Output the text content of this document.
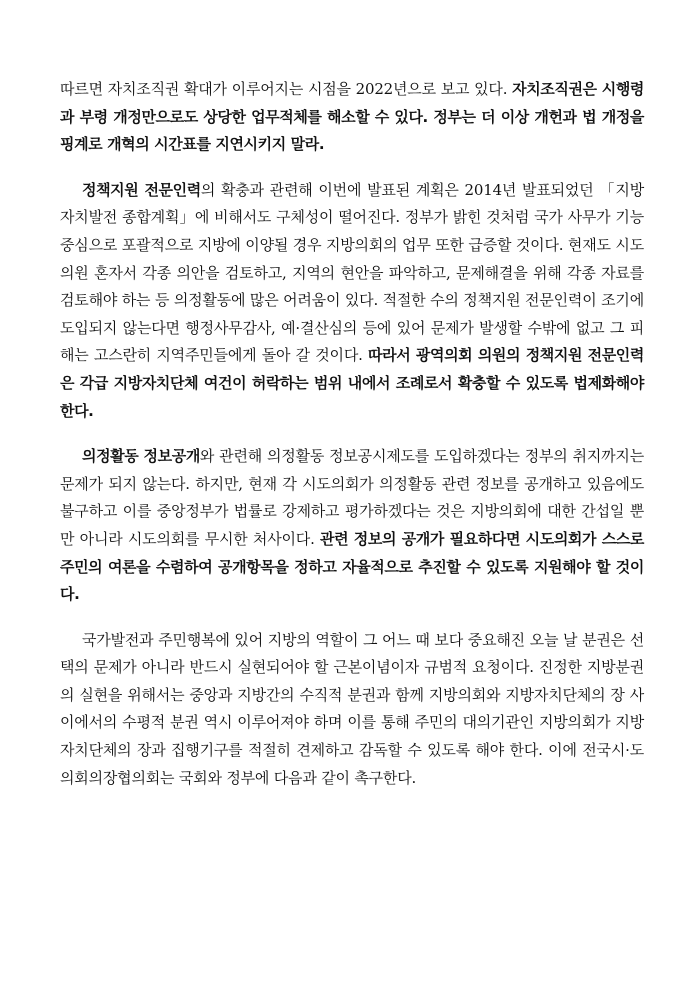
따르면 자치조직권 확대가 이루어지는 시점을 2022년으로 보고 있다. 자치조직권은 시행령과 부령 개정만으로도 상당한 업무적체를 해소할 수 있다. 정부는 더 이상 개헌과 법 개정을 핑계로 개혁의 시간표를 지연시키지 말라.

정책지원 전문인력의 확충과 관련해 이번에 발표된 계획은 2014년 발표되었던 「지방자치발전 종합계획」에 비해서도 구체성이 떨어진다. 정부가 밝힌 것처럼 국가 사무가 기능중심으로 포괄적으로 지방에 이양될 경우 지방의회의 업무 또한 급증할 것이다. 현재도 시도의원 혼자서 각종 의안을 검토하고, 지역의 현안을 파악하고, 문제해결을 위해 각종 자료를 검토해야 하는 등 의정활동에 많은 어려움이 있다. 적절한 수의 정책지원 전문인력이 조기에 도입되지 않는다면 행정사무감사, 예·결산심의 등에 있어 문제가 발생할 수밖에 없고 그 피해는 고스란히 지역주민들에게 돌아 갈 것이다. 따라서 광역의회 의원의 정책지원 전문인력은 각급 지방자치단체 여건이 허락하는 범위 내에서 조례로서 확충할 수 있도록 법제화해야 한다.

의정활동 정보공개와 관련해 의정활동 정보공시제도를 도입하겠다는 정부의 취지까지는 문제가 되지 않는다. 하지만, 현재 각 시도의회가 의정활동 관련 정보를 공개하고 있음에도 불구하고 이를 중앙정부가 법률로 강제하고 평가하겠다는 것은 지방의회에 대한 간섭일 뿐만 아니라 시도의회를 무시한 처사이다. 관련 정보의 공개가 필요하다면 시도의회가 스스로 주민의 여론을 수렴하여 공개항목을 정하고 자율적으로 추진할 수 있도록 지원해야 할 것이다.

국가발전과 주민행복에 있어 지방의 역할이 그 어느 때 보다 중요해진 오늘 날 분권은 선택의 문제가 아니라 반드시 실현되어야 할 근본이념이자 규범적 요청이다. 진정한 지방분권의 실현을 위해서는 중앙과 지방간의 수직적 분권과 함께 지방의회와 지방자치단체의 장 사이에서의 수평적 분권 역시 이루어져야 하며 이를 통해 주민의 대의기관인 지방의회가 지방자치단체의 장과 집행기구를 적절히 견제하고 감독할 수 있도록 해야 한다. 이에 전국시·도의회의장협의회는 국회와 정부에 다음과 같이 촉구한다.
